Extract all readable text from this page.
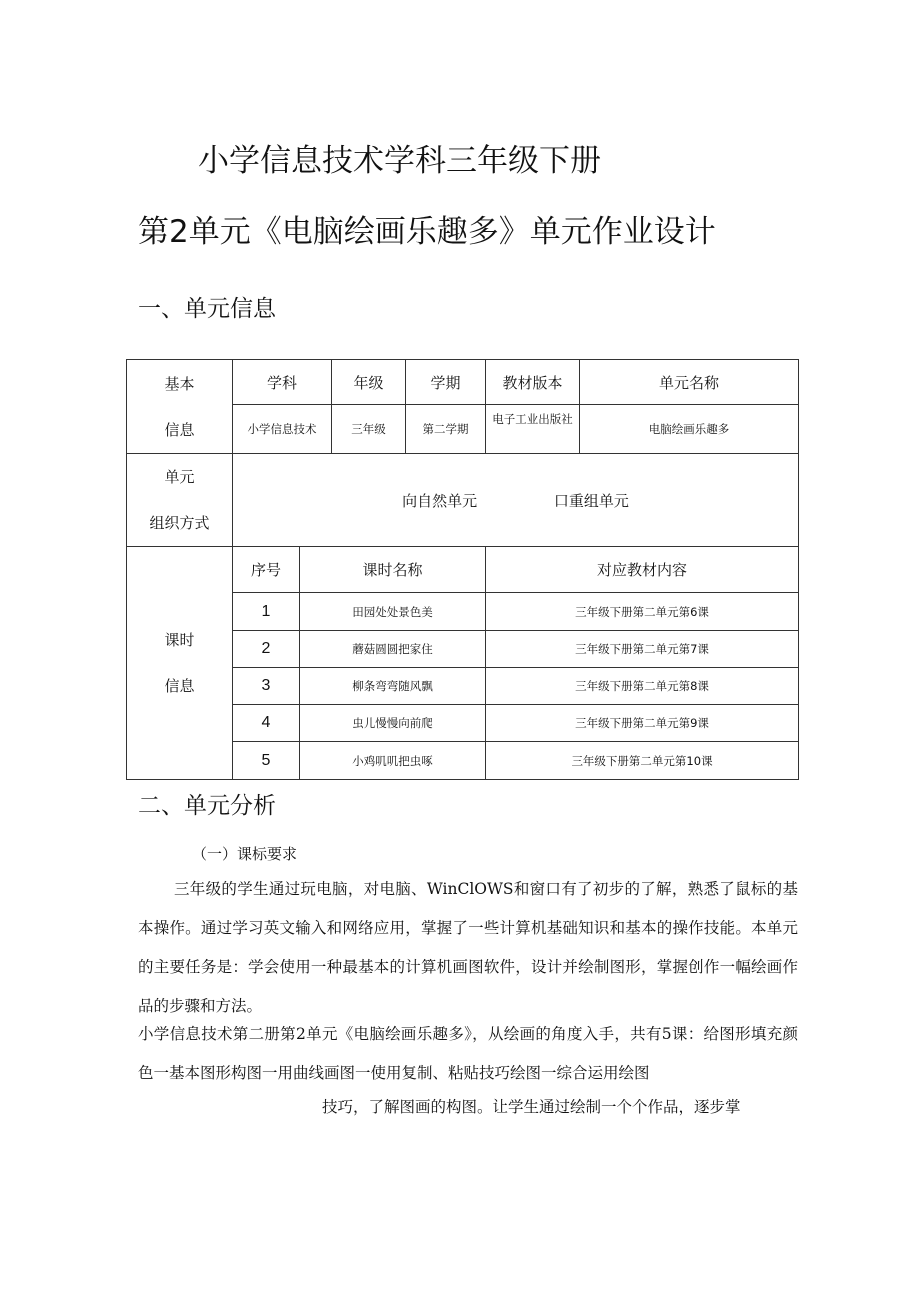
小学信息技术学科三年级下册
第2单元《电脑绘画乐趣多》单元作业设计
一、单元信息
基本
信息	学科		年级	学期	教材版本	单元名称
	小学信息技术		三年级	第二学期	电子工业出版社	电脑绘画乐趣多

单元
组织方式	向自然单元 口重组单元					

课时
信息	序号	课时名称			对应教材内容	
	1	田园处处景色美			三年级下册第二单元第6课	
	2	蘑菇圆圆把家住			三年级下册第二单元第7课	
	3	柳条弯弯随风飘			三年级下册第二单元第8课	
	4	虫儿慢慢向前爬			三年级下册第二单元第9课	
	5	小鸡叽叽把虫啄			三年级下册第二单元第10课	
二、单元分析
（一）课标要求
三年级的学生通过玩电脑，对电脑、WinClOWS和窗口有了初步的了解，熟悉了鼠标的基本操作。通过学习英文输入和网络应用，掌握了一些计算机基础知识和基本的操作技能。本单元的主要任务是：学会使用一种最基本的计算机画图软件，设计并绘制图形，掌握创作一幅绘画作品的步骤和方法。
小学信息技术第二册第2单元《电脑绘画乐趣多》，从绘画的角度入手，共有5课：给图形填充颜色一基本图形构图一用曲线画图一使用复制、粘贴技巧绘图一综合运用绘图
技巧，了解图画的构图。让学生通过绘制一个个作品，逐步掌
